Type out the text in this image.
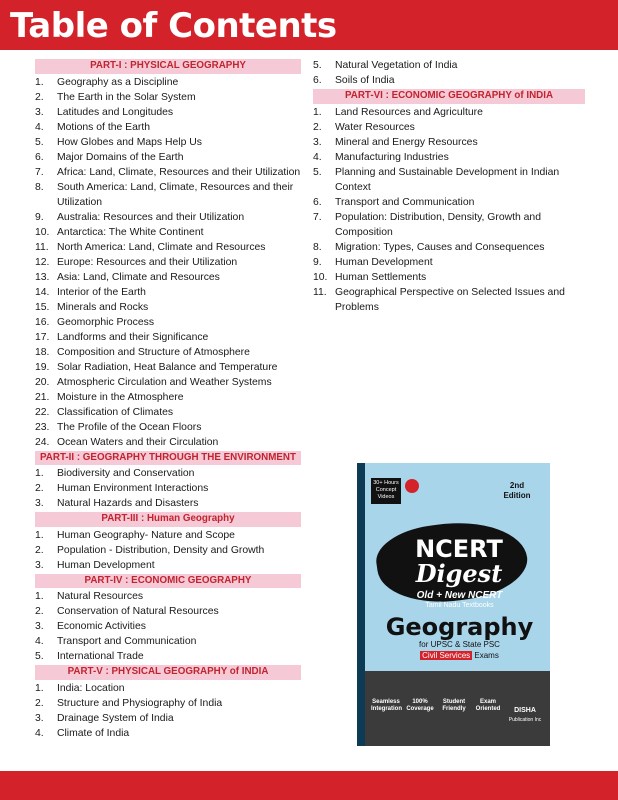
Table of Contents
PART-I : PHYSICAL GEOGRAPHY
1. Geography as a Discipline
2. The Earth in the Solar System
3. Latitudes and Longitudes
4. Motions of the Earth
5. How Globes and Maps Help Us
6. Major Domains of the Earth
7. Africa: Land, Climate, Resources and their Utilization
8. South America: Land, Climate, Resources and their Utilization
9. Australia: Resources and their Utilization
10. Antarctica: The White Continent
11. North America: Land, Climate and Resources
12. Europe: Resources and their Utilization
13. Asia: Land, Climate and Resources
14. Interior of the Earth
15. Minerals and Rocks
16. Geomorphic Process
17. Landforms and their Significance
18. Composition and Structure of Atmosphere
19. Solar Radiation, Heat Balance and Temperature
20. Atmospheric Circulation and Weather Systems
21. Moisture in the Atmosphere
22. Classification of Climates
23. The Profile of the Ocean Floors
24. Ocean Waters and their Circulation
PART-II : GEOGRAPHY THROUGH THE ENVIRONMENT
1. Biodiversity and Conservation
2. Human Environment Interactions
3. Natural Hazards and Disasters
PART-III : Human Geography
1. Human Geography- Nature and Scope
2. Population - Distribution, Density and Growth
3. Human Development
PART-IV : ECONOMIC GEOGRAPHY
1. Natural Resources
2. Conservation of Natural Resources
3. Economic Activities
4. Transport and Communication
5. International Trade
PART-V : PHYSICAL GEOGRAPHY of INDIA
1. India: Location
2. Structure and Physiography of India
3. Drainage System of India
4. Climate of India
5. Natural Vegetation of India
6. Soils of India
PART-VI : ECONOMIC GEOGRAPHY of INDIA
1. Land Resources and Agriculture
2. Water Resources
3. Mineral and Energy Resources
4. Manufacturing Industries
5. Planning and Sustainable Development in Indian Context
6. Transport and Communication
7. Population: Distribution, Density, Growth and Composition
8. Migration: Types, Causes and Consequences
9. Human Development
10. Human Settlements
11. Geographical Perspective on Selected Issues and Problems
30+ Hours
Concept Videos
2nd
Edition
NCERT
Digest
Old + New NCERT
Tamil Nadu Textbooks
Geography
for UPSC & State PSC
Civil Services Exams
Seamless Integration
100% Coverage
Student Friendly
Exam Oriented	DISHA
Publication Inc
